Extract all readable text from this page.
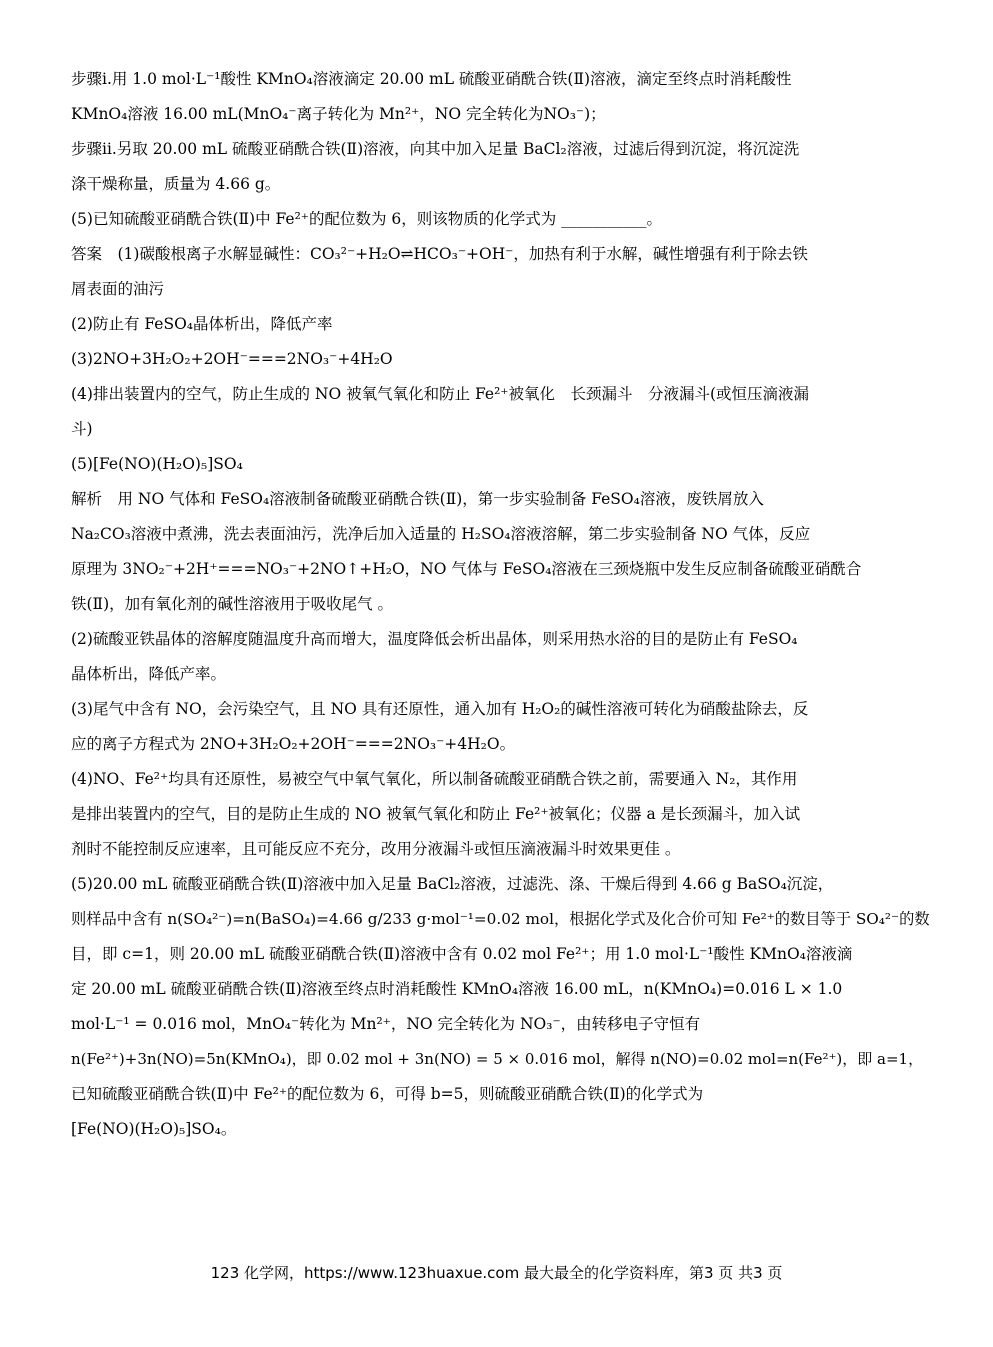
步骤ⅰ.用 1.0 mol·L⁻¹酸性 KMnO₄溶液滴定 20.00 mL 硫酸亚硝酰合铁(Ⅱ)溶液，滴定至终点时消耗酸性
KMnO₄溶液 16.00 mL(MnO₄⁻离子转化为 Mn²⁺，NO 完全转化为NO₃⁻)；
步骤ⅱ.另取 20.00 mL 硫酸亚硝酰合铁(Ⅱ)溶液，向其中加入足量 BaCl₂溶液，过滤后得到沉淀，将沉淀洗
涤干燥称量，质量为 4.66 g。
(5)已知硫酸亚硝酰合铁(Ⅱ)中 Fe²⁺的配位数为 6，则该物质的化学式为 ___________。
答案　(1)碳酸根离子水解显碱性：CO₃²⁻+H₂O⇌HCO₃⁻+OH⁻，加热有利于水解，碱性增强有利于除去铁
屑表面的油污
(2)防止有 FeSO₄晶体析出，降低产率
(3)2NO+3H₂O₂+2OH⁻===2NO₃⁻+4H₂O
(4)排出装置内的空气，防止生成的 NO 被氧气氧化和防止 Fe²⁺被氧化　长颈漏斗　分液漏斗(或恒压滴液漏
斗)
(5)[Fe(NO)(H₂O)₅]SO₄
解析　用 NO 气体和 FeSO₄溶液制备硫酸亚硝酰合铁(Ⅱ)，第一步实验制备 FeSO₄溶液，废铁屑放入
Na₂CO₃溶液中煮沸，洗去表面油污，洗净后加入适量的 H₂SO₄溶液溶解，第二步实验制备 NO 气体，反应
原理为 3NO₂⁻+2H⁺===NO₃⁻+2NO↑+H₂O，NO 气体与 FeSO₄溶液在三颈烧瓶中发生反应制备硫酸亚硝酰合
铁(Ⅱ)，加有氧化剂的碱性溶液用于吸收尾气 。
(2)硫酸亚铁晶体的溶解度随温度升高而增大，温度降低会析出晶体，则采用热水浴的目的是防止有 FeSO₄
晶体析出，降低产率。
(3)尾气中含有 NO，会污染空气，且 NO 具有还原性，通入加有 H₂O₂的碱性溶液可转化为硝酸盐除去，反
应的离子方程式为 2NO+3H₂O₂+2OH⁻===2NO₃⁻+4H₂O。
(4)NO、Fe²⁺均具有还原性，易被空气中氧气氧化，所以制备硫酸亚硝酰合铁之前，需要通入 N₂，其作用
是排出装置内的空气，目的是防止生成的 NO 被氧气氧化和防止 Fe²⁺被氧化；仪器 a 是长颈漏斗，加入试
剂时不能控制反应速率，且可能反应不充分，改用分液漏斗或恒压滴液漏斗时效果更佳 。
(5)20.00 mL 硫酸亚硝酰合铁(Ⅱ)溶液中加入足量 BaCl₂溶液，过滤洗、涤、干燥后得到 4.66 g BaSO₄沉淀，
则样品中含有 n(SO₄²⁻)=n(BaSO₄)=4.66 g/233 g·mol⁻¹=0.02 mol，根据化学式及化合价可知 Fe²⁺的数目等于 SO₄²⁻的数
目，即 c=1，则 20.00 mL 硫酸亚硝酰合铁(Ⅱ)溶液中含有 0.02 mol Fe²⁺；用 1.0 mol·L⁻¹酸性 KMnO₄溶液滴
定 20.00 mL 硫酸亚硝酰合铁(Ⅱ)溶液至终点时消耗酸性 KMnO₄溶液 16.00 mL，n(KMnO₄)=0.016 L × 1.0
mol·L⁻¹ = 0.016 mol，MnO₄⁻转化为 Mn²⁺，NO 完全转化为 NO₃⁻，由转移电子守恒有
n(Fe²⁺)+3n(NO)=5n(KMnO₄)，即 0.02 mol + 3n(NO) = 5 × 0.016 mol，解得 n(NO)=0.02 mol=n(Fe²⁺)，即 a=1，
已知硫酸亚硝酰合铁(Ⅱ)中 Fe²⁺的配位数为 6，可得 b=5，则硫酸亚硝酰合铁(Ⅱ)的化学式为
[Fe(NO)(H₂O)₅]SO₄。
123 化学网，https://www.123huaxue.com 最大最全的化学资料库，第3 页 共3 页
